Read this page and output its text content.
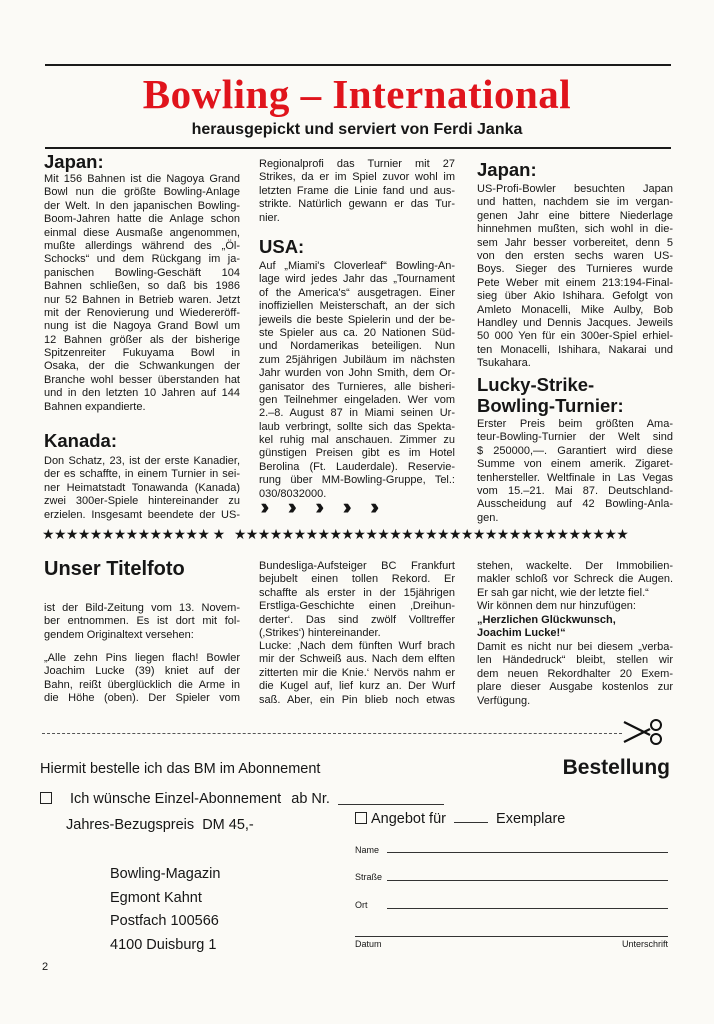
Bowling – International
herausgepickt und serviert von Ferdi Janka
Japan:
Mit 156 Bahnen ist die Nagoya Grand
Bowl nun die größte Bowling-Anlage
der Welt. In den japanischen Bowling-
Boom-Jahren hatte die Anlage schon
einmal diese Ausmaße angenommen,
mußte allerdings während des „Öl-
Schocks“ und dem Rückgang im ja-
panischen Bowling-Geschäft 104
Bahnen schließen, so daß bis 1986
nur 52 Bahnen in Betrieb waren. Jetzt
mit der Renovierung und Wiedereröff-
nung ist die Nagoya Grand Bowl um
12 Bahnen größer als der bisherige
Spitzenreiter Fukuyama Bowl in
Osaka, der die Schwankungen der
Branche wohl besser überstanden hat
und in den letzten 10 Jahren auf 144
Bahnen expandierte.
Kanada:
Don Schatz, 23, ist der erste Kanadier,
der es schaffte, in einem Turnier in sei-
ner Heimatstadt Tonawanda (Kanada)
zwei 300er-Spiele hintereinander zu
erzielen. Insgesamt beendete der US-
Regionalprofi das Turnier mit 27
Strikes, da er im Spiel zuvor wohl im
letzten Frame die Linie fand und aus-
strikte. Natürlich gewann er das Tur-
nier.
USA:
Auf „Miami's Cloverleaf“ Bowling-An-
lage wird jedes Jahr das „Tournament
of the America's“ ausgetragen. Einer
inoffiziellen Meisterschaft, an der sich
jeweils die beste Spielerin und der be-
ste Spieler aus ca. 20 Nationen Süd-
und Nordamerikas beteiligen. Nun
zum 25jährigen Jubiläum im nächsten
Jahr wurden von John Smith, dem Or-
ganisator des Turnieres, alle bisheri-
gen Teilnehmer eingeladen. Wer vom
2.–8. August 87 in Miami seinen Ur-
laub verbringt, sollte sich das Spekta-
kel ruhig mal anschauen. Zimmer zu
günstigen Preisen gibt es im Hotel
Berolina (Ft. Lauderdale). Reservie-
rung über MM-Bowling-Gruppe, Tel.:
030/8032000.

Japan:
US-Profi-Bowler besuchten Japan
und hatten, nachdem sie im vergan-
genen Jahr eine bittere Niederlage
hinnehmen mußten, sich wohl in die-
sem Jahr besser vorbereitet, denn 5
von den ersten sechs waren US-
Boys. Sieger des Turnieres wurde
Pete Weber mit einem 213:194-Final-
sieg über Akio Ishihara. Gefolgt von
Amleto Monacelli, Mike Aulby, Bob
Handley und Dennis Jacques. Jeweils
50 000 Yen für ein 300er-Spiel erhiel-
ten Monacelli, Ishihara, Nakarai und
Tsukahara.
Lucky-Strike-
Bowling-Turnier:
Erster Preis beim größten Ama-
teur-Bowling-Turnier der Welt sind
$ 250000,—. Garantiert wird diese
Summe von einem amerik. Zigaret-
tenhersteller. Weltfinale in Las Vegas
vom 15.–21. Mai 87. Deutschland-
Ausscheidung auf 42 Bowling-Anla-
gen.
★★★★★★★★★★★★★★ ★ ★★★★★★★★★★★★★★★★★★★★★★★★★★★★★★★★★
Unser Titelfoto
ist der Bild-Zeitung vom 13. Novem-
ber entnommen. Es ist dort mit fol-
gendem Originaltext versehen:
„Alle zehn Pins liegen flach! Bowler
Joachim Lucke (39) kniet auf der
Bahn, reißt überglücklich die Arme in
die Höhe (oben). Der Spieler vom
Bundesliga-Aufsteiger BC Frankfurt
bejubelt einen tollen Rekord. Er
schaffte als erster in der 15jährigen
Erstliga-Geschichte einen ‚Dreihun-
derter‘. Das sind zwölf Volltreffer
(‚Strikes‘) hintereinander.
Lucke: ‚Nach dem fünften Wurf brach
mir der Schweiß aus. Nach dem elften
zitterten mir die Knie.‘ Nervös nahm er
die Kugel auf, lief kurz an. Der Wurf
saß. Aber, ein Pin blieb noch etwas
stehen, wackelte. Der Immobilien-
makler schloß vor Schreck die Augen.
Er sah gar nicht, wie der letzte fiel.“
Wir können dem nur hinzufügen:
„Herzlichen Glückwunsch,
Joachim Lucke!“
Damit es nicht nur bei diesem „verba-
len Händedruck“ bleibt, stellen wir
dem neuen Rekordhalter 20 Exem-
plare dieser Ausgabe kostenlos zur
Verfügung.
Hiermit bestelle ich das BM im Abonnement	Bestellung
Ich wünsche Einzel-Abonnement ab Nr.
Jahres-Bezugspreis  DM 45,-	Angebot für	Exemplare
Name
Straße
Ort
Datum	Unterschrift
Bowling-Magazin
Egmont Kahnt
Postfach 100566
4100 Duisburg 1
2
